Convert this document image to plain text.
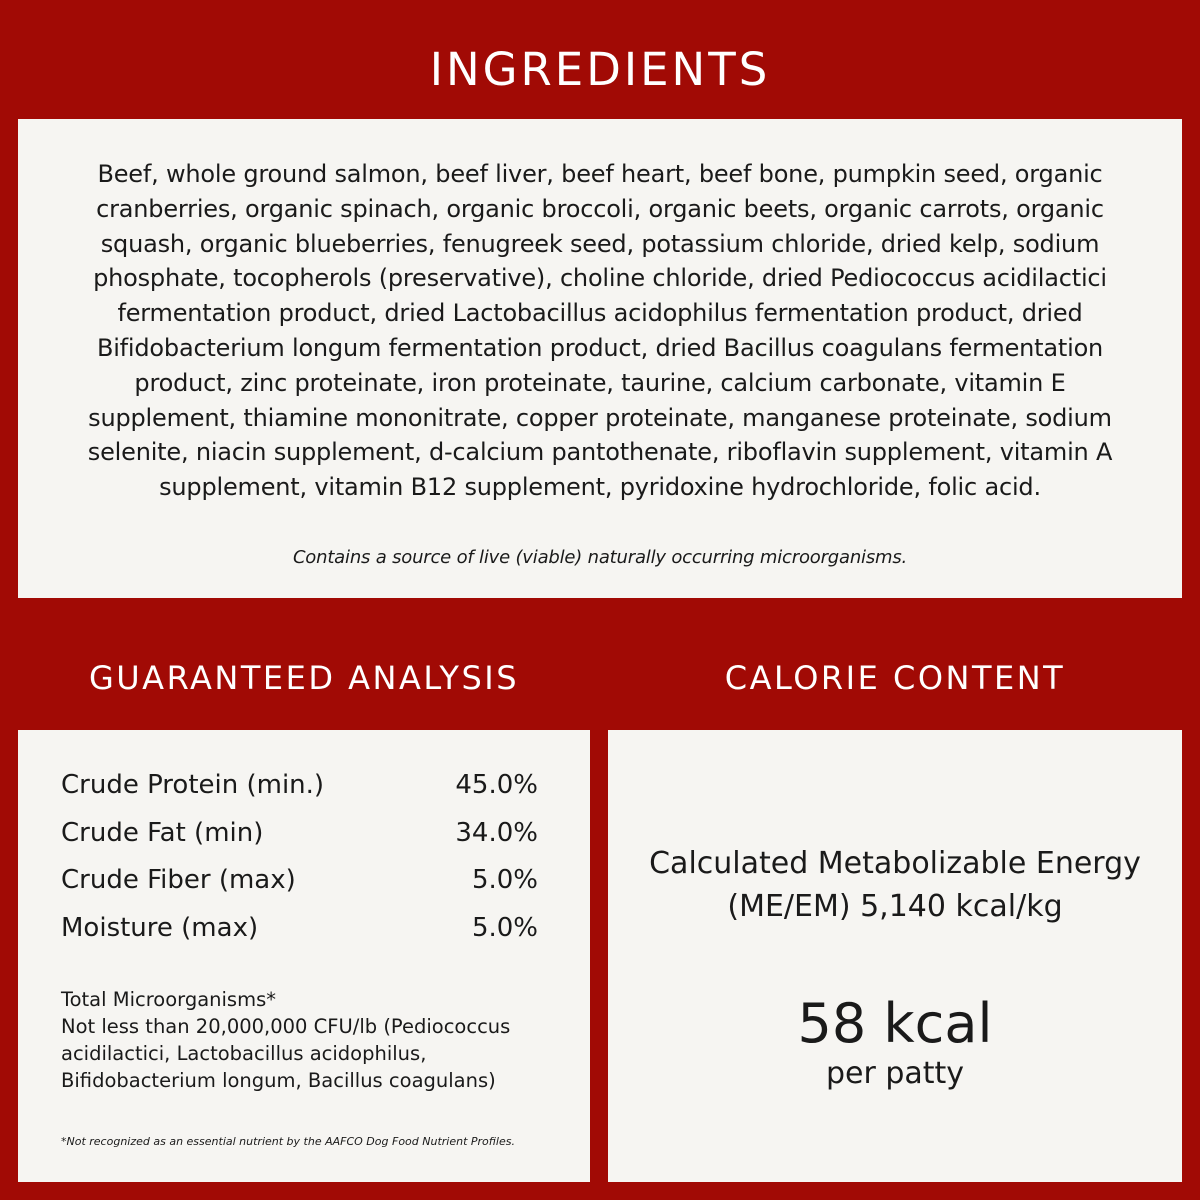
INGREDIENTS

Beef, whole ground salmon, beef liver, beef heart, beef bone, pumpkin seed, organic cranberries, organic spinach, organic broccoli, organic beets, organic carrots, organic squash, organic blueberries, fenugreek seed, potassium chloride, dried kelp, sodium phosphate, tocopherols (preservative), choline chloride, dried Pediococcus acidilactici fermentation product, dried Lactobacillus acidophilus fermentation product, dried Bifidobacterium longum fermentation product, dried Bacillus coagulans fermentation product, zinc proteinate, iron proteinate, taurine, calcium carbonate, vitamin E supplement, thiamine mononitrate, copper proteinate, manganese proteinate, sodium selenite, niacin supplement, d-calcium pantothenate, riboflavin supplement, vitamin A supplement, vitamin B12 supplement, pyridoxine hydrochloride, folic acid.

Contains a source of live (viable) naturally occurring microorganisms.

GUARANTEED ANALYSIS	CALORIE CONTENT
Crude Protein (min.)	45.0%
Crude Fat (min)	34.0%
Crude Fiber (max)	5.0%
Moisture (max)	5.0%

Total Microorganisms*
Not less than 20,000,000 CFU/lb (Pediococcus acidilactici, Lactobacillus acidophilus, Bifidobacterium longum, Bacillus coagulans)

*Not recognized as an essential nutrient by the AAFCO Dog Food Nutrient Profiles.

Calculated Metabolizable Energy (ME/EM) 5,140 kcal/kg

58 kcal

per patty
